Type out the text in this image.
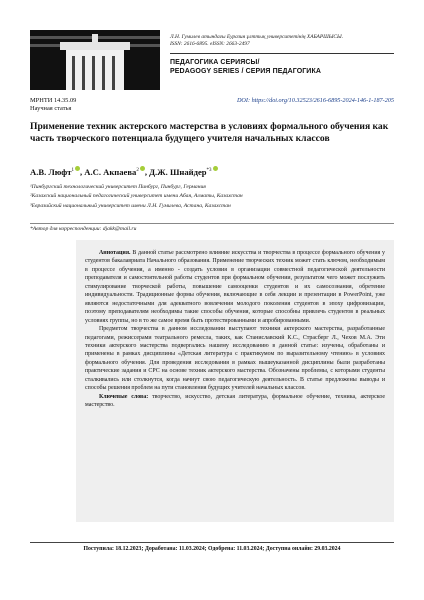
Л.Н. Гумилев атындағы Еуразия ұлттық университетінің ХАБАРШЫСЫ.
ISSN: 2616-6895. eISSN: 2663-2497
ПЕДАГОГИКА СЕРИЯСЫ/
PEDAGOGY SERIES / СЕРИЯ ПЕДАГОГИКА
МРНТИ 14.35.09
Научная статья
DOI: https://doi.org/10.32523/2616-6895-2024-146-1-187-205
Применение техник актерского мастерства в условиях формального обучения как часть творческого потенциала будущего учителя начальных классов
А.В. Люфт$^1$ , А.С. Акпаева$^2$ , Д.Ж. Шнайдер$^{*3}$
¹Пинбургский технологический университет Пинбург, Пинбург, Германия
²Казахский национальный педагогический университет имени Абая, Алматы, Казахстан
³Евразийский национальный университет имени Л.Н. Гумилева, Астана, Казахстан
*Автор для корреспонденции: djakk@mail.ru

Аннотация. В данной статье рассмотрено влияние искусства и творчества в процессе формального обучения у студентов бакалавриата Начального образования. Применение творческих техник может стать ключом, необходимым в процессе обучения, а именно - создать условия в организации совместной педагогической деятельности преподавателя и самостоятельной работы студентов при формальном обучении, результатом чего может послужить стимулирование творческой работы, повышение самооценки студентов и их самосознания, обретение индивидуальности. Традиционные формы обучения, включающие в себя лекции и презентации в PowerPoint, уже являются недостаточными для адекватного вовлечения молодого поколения студентов в эпоху цифровизации, поэтому преподавателям необходимы такие способы обучения, которые способны привлечь студентов в реальных условиях группы, но в то же самое время быть протестированными и апробированными.

Предметом творчества в данном исследовании выступают техники актерского мастерства, разработанные педагогами, режиссерами театрального ремесла, таких, как Станиславский К.С., Страсберг Л., Чехов М.А. Эти техники актерского мастерства подвергались нашему исследованию в данной статье: изучены, обработаны и применены в рамках дисциплины «Детская литература с практикумом по выразительному чтению» в условиях формального обучения. Для проведения исследования в рамках вышеуказанной дисциплины были разработаны практические задания и СРС на основе техник актерского мастерства. Обозначены проблемы, с которыми студенты сталкивались или столкнутся, когда начнут свою педагогическую деятельность. В статье предложены выводы и способы решения проблем на пути становления будущих учителей начальных классов.

Ключевые слова: творчество, искусство, детская литература, формальное обучение, техника, актерское мастерство.

Поступила: 18.12.2023; Доработана: 11.03.2024; Одобрена: 11.03.2024; Доступна онлайн: 29.03.2024
